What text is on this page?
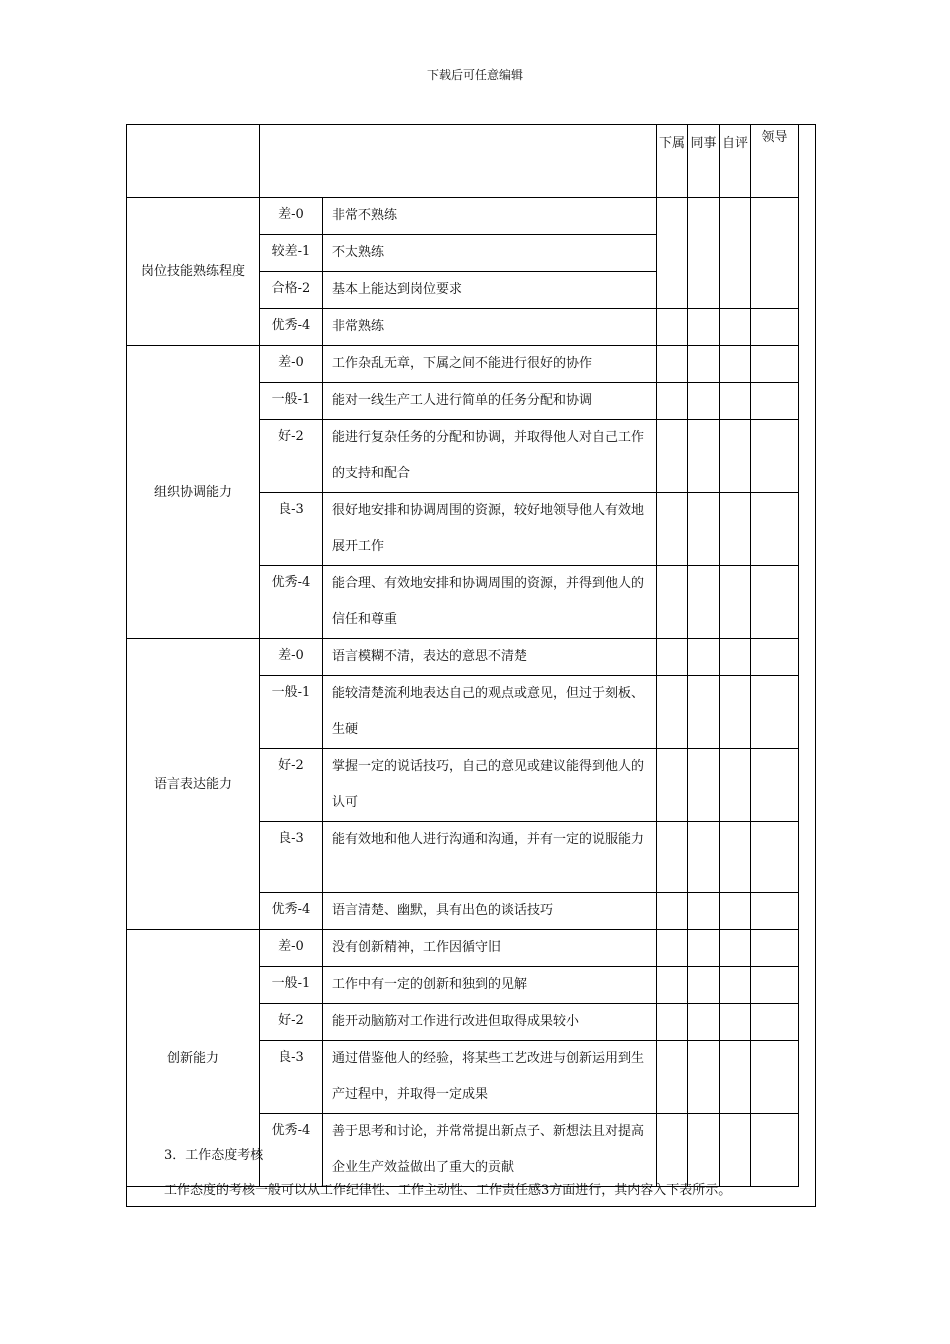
下载后可任意编辑
			下属	同事	自评	领导
岗位技能熟练程度	差-0	非常不熟练				
	较差-1	不太熟练				
	合格-2	基本上能达到岗位要求				
	优秀-4	非常熟练				
组织协调能力	差-0	工作杂乱无章，下属之间不能进行很好的协作				
	一般-1	能对一线生产工人进行简单的任务分配和协调				
	好-2	能进行复杂任务的分配和协调，并取得他人对自己工作的支持和配合				
	良-3	很好地安排和协调周围的资源，较好地领导他人有效地展开工作				
	优秀-4	能合理、有效地安排和协调周围的资源，并得到他人的信任和尊重				
语言表达能力	差-0	语言模糊不清，表达的意思不清楚				
	一般-1	能较清楚流利地表达自己的观点或意见，但过于刻板、生硬				
	好-2	掌握一定的说话技巧，自己的意见或建议能得到他人的认可				
	良-3	能有效地和他人进行沟通和沟通，并有一定的说服能力				
	优秀-4	语言清楚、幽默，具有出色的谈话技巧				
创新能力	差-0	没有创新精神，工作因循守旧				
	一般-1	工作中有一定的创新和独到的见解				
	好-2	能开动脑筋对工作进行改进但取得成果较小				
	良-3	通过借鉴他人的经验，将某些工艺改进与创新运用到生产过程中，并取得一定成果				
	优秀-4	善于思考和讨论，并常常提出新点子、新想法且对提高企业生产效益做出了重大的贡献				
3．工作态度考核
工作态度的考核一般可以从工作纪律性、工作主动性、工作责任感3方面进行，其内容入下表所示。
